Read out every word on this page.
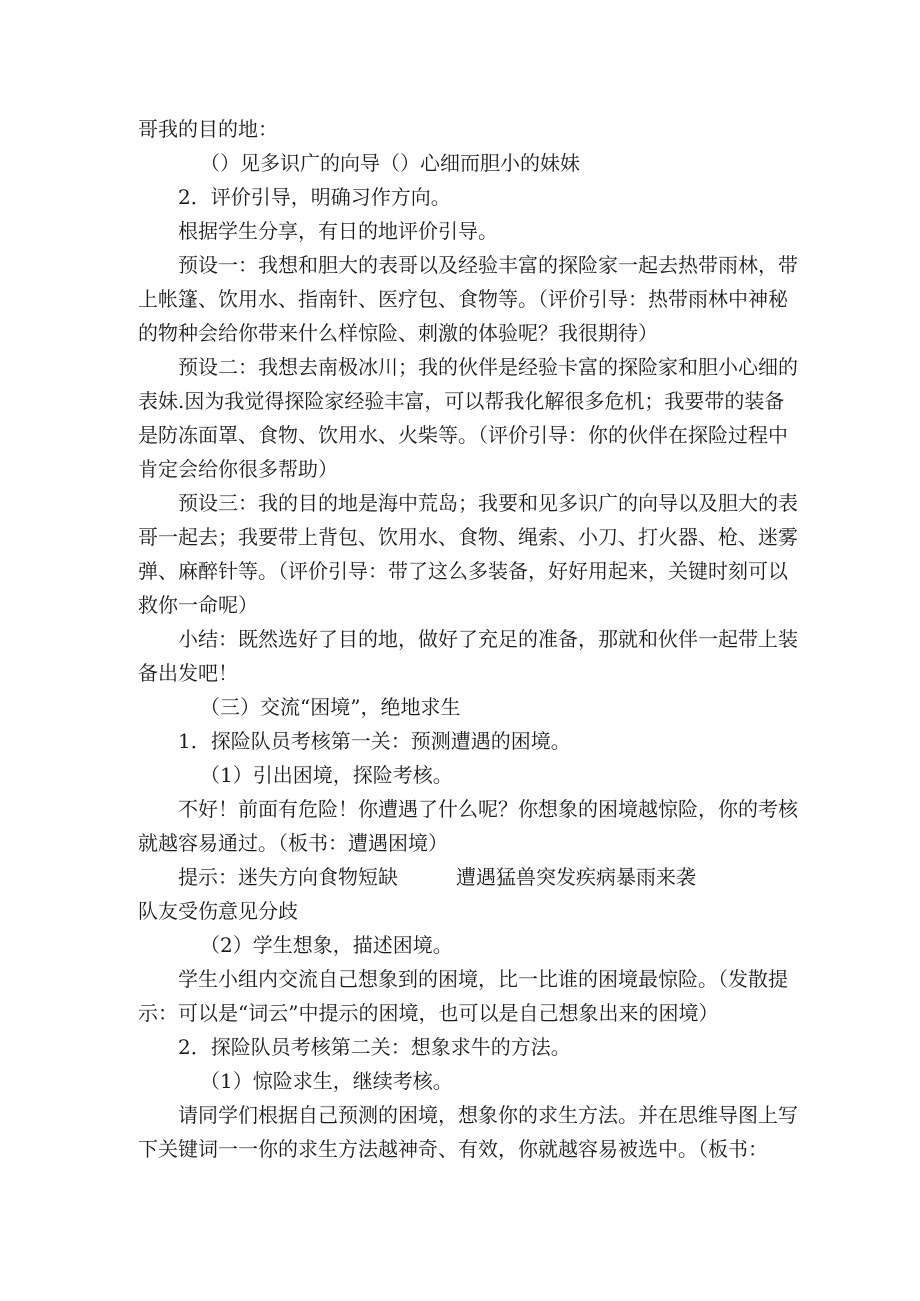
哥我的目的地：

（）见多识广的向导（）心细而胆小的妹妹

2．评价引导，明确习作方向。

根据学生分享，有日的地评价引导。

预设一：我想和胆大的表哥以及经验丰富的探险家一起去热带雨林，带上帐篷、饮用水、指南针、医疗包、食物等。（评价引导：热带雨林中神秘的物种会给你带来什么样惊险、刺激的体验呢？我很期待）

预设二：我想去南极冰川；我的伙伴是经验卡富的探险家和胆小心细的表妹.因为我觉得探险家经验丰富，可以帮我化解很多危机；我要带的装备是防冻面罩、食物、饮用水、火柴等。（评价引导：你的伙伴在探险过程中肯定会给你很多帮助）

预设三：我的目的地是海中荒岛；我要和见多识广的向导以及胆大的表哥一起去；我要带上背包、饮用水、食物、绳索、小刀、打火器、枪、迷雾弹、麻醉针等。（评价引导：带了这么多装备，好好用起来，关键时刻可以救你一命呢）

小结：既然选好了目的地，做好了充足的准备，那就和伙伴一起带上装备出发吧！

（三）交流“困境”，绝地求生

1．探险队员考核第一关：预测遭遇的困境。

（1）引出困境，探险考核。

不好！前面有危险！你遭遇了什么呢？你想象的困境越惊险，你的考核就越容易通过。（板书：遭遇困境）

提示：迷失方向食物短缺	遭遇猛兽突发疾病暴雨来袭

队友受伤意见分歧

（2）学生想象，描述困境。

学生小组内交流自己想象到的困境，比一比谁的困境最惊险。（发散提示：可以是“词云”中提示的困境，也可以是自己想象出来的困境）

2．探险队员考核第二关：想象求牛的方法。

（1）惊险求生，继续考核。

请同学们根据自己预测的困境，想象你的求生方法。并在思维导图上写下关键词一一你的求生方法越神奇、有效，你就越容易被选中。（板书：
